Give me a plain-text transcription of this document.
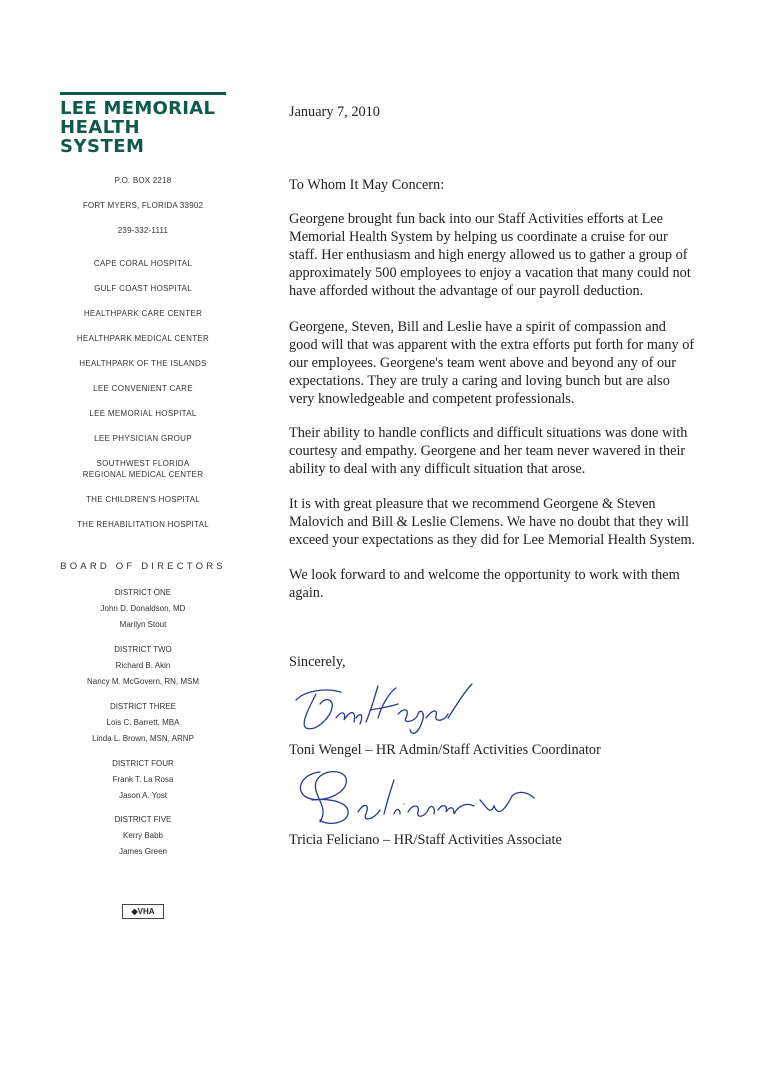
LEE MEMORIAL
HEALTH SYSTEM
P.O. BOX 2218
FORT MYERS, FLORIDA 33902
239-332-1111
CAPE CORAL HOSPITAL
GULF COAST HOSPITAL
HEALTHPARK CARE CENTER
HEALTHPARK MEDICAL CENTER
HEALTHPARK OF THE ISLANDS
LEE CONVENIENT CARE
LEE MEMORIAL HOSPITAL
LEE PHYSICIAN GROUP
SOUTHWEST FLORIDA
REGIONAL MEDICAL CENTER
THE CHILDREN'S HOSPITAL
THE REHABILITATION HOSPITAL
BOARD OF DIRECTORS
DISTRICT ONE
John D. Donaldson, MD
Marilyn Stout
DISTRICT TWO
Richard B. Akin
Nancy M. McGovern, RN, MSM
DISTRICT THREE
Lois C. Barrett, MBA
Linda L. Brown, MSN, ARNP
DISTRICT FOUR
Frank T. La Rosa
Jason A. Yost
DISTRICT FIVE
Kerry Babb
James Green
◆VHA
January 7, 2010
To Whom It May Concern:
Georgene brought fun back into our Staff Activities efforts at Lee
Memorial Health System by helping us coordinate a cruise for our
staff. Her enthusiasm and high energy allowed us to gather a group of
approximately 500 employees to enjoy a vacation that many could not
have afforded without the advantage of our payroll deduction.
Georgene, Steven, Bill and Leslie have a spirit of compassion and
good will that was apparent with the extra efforts put forth for many of
our employees. Georgene's team went above and beyond any of our
expectations. They are truly a caring and loving bunch but are also
very knowledgeable and competent professionals.
Their ability to handle conflicts and difficult situations was done with
courtesy and empathy. Georgene and her team never wavered in their
ability to deal with any difficult situation that arose.
It is with great pleasure that we recommend Georgene & Steven
Malovich and Bill & Leslie Clemens. We have no doubt that they will
exceed your expectations as they did for Lee Memorial Health System.
We look forward to and welcome the opportunity to work with them
again.
Sincerely,
Toni Wengel – HR Admin/Staff Activities Coordinator
Tricia Feliciano – HR/Staff Activities Associate
